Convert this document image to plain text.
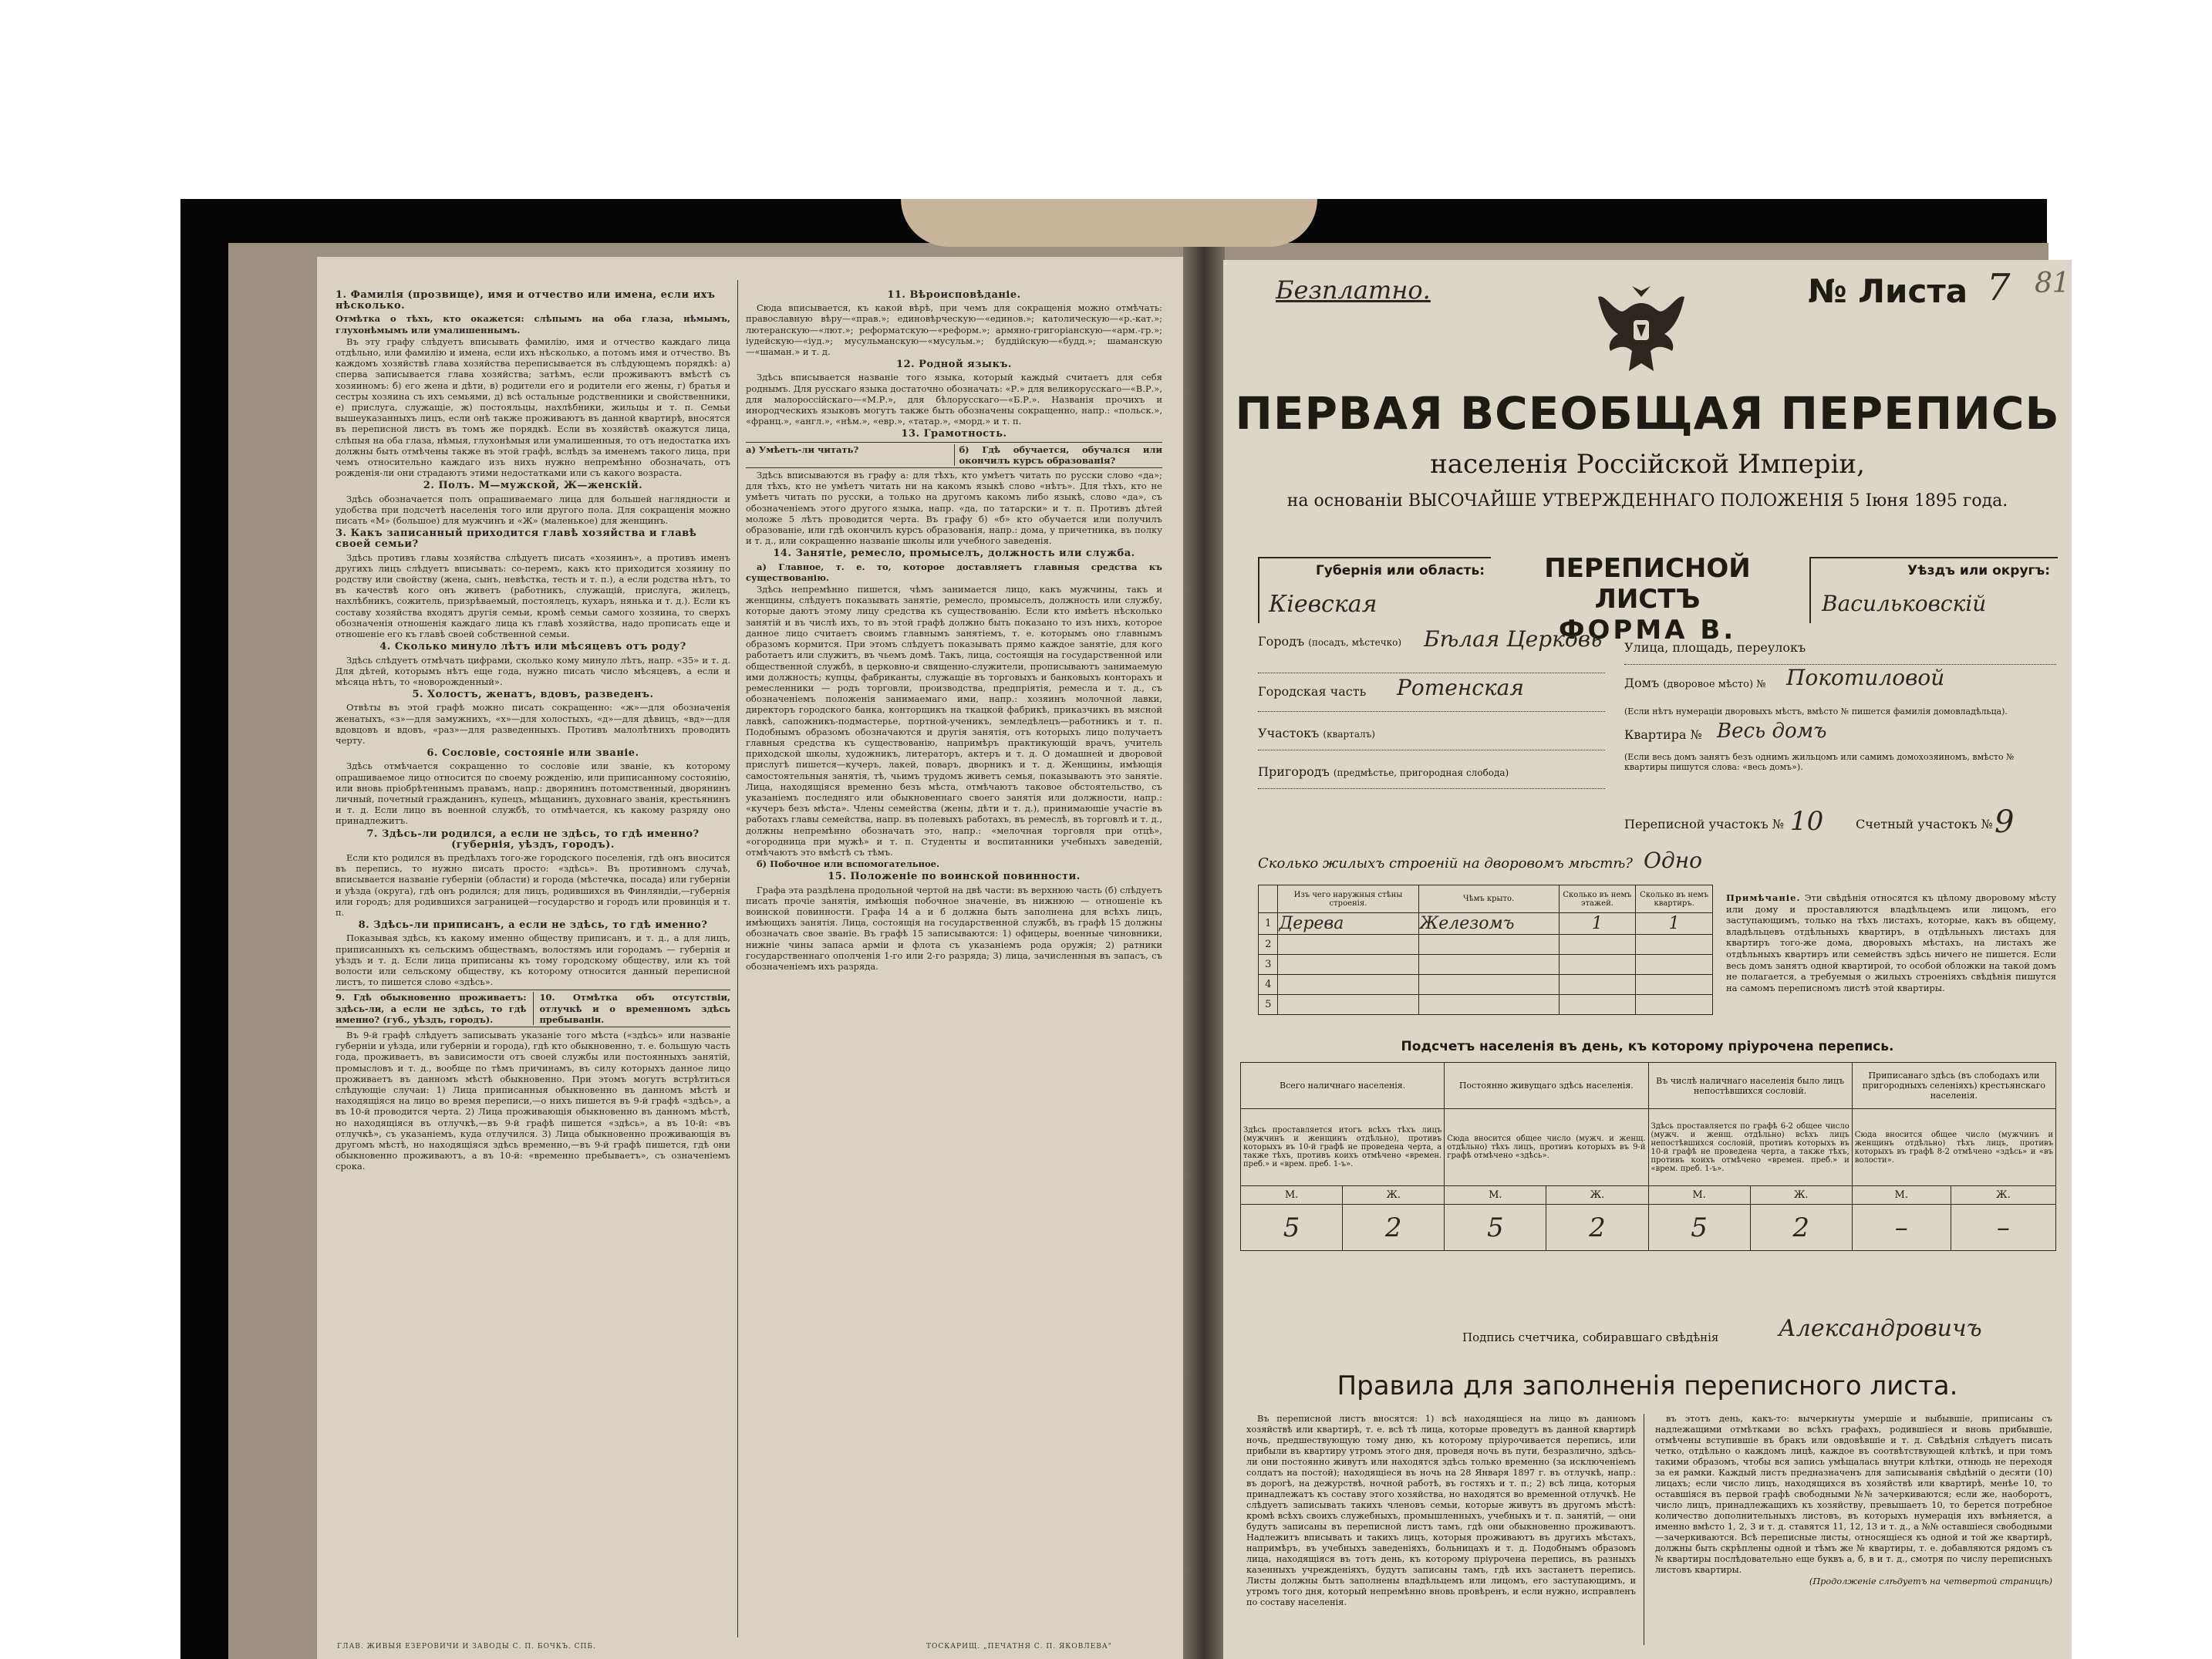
1. Фамилія (прозвище), имя и отчество или имена, если ихъ нѣсколько.

Отмѣтка о тѣхъ, кто окажется: слѣпымъ на оба глаза, нѣмымъ, глухонѣмымъ или умалишеннымъ.

Въ эту графу слѣдуетъ вписывать фамилію, имя и отчество каждаго лица отдѣльно, или фамилію и имена, если ихъ нѣсколько, а потомъ имя и отчество. Въ каждомъ хозяйствѣ глава хозяйства переписывается въ слѣдующемъ порядкѣ: а) сперва записывается глава хозяйства; затѣмъ, если проживаютъ вмѣстѣ съ хозяиномъ: б) его жена и дѣти, в) родители его и родители его жены, г) братья и сестры хозяина съ ихъ семьями, д) всѣ остальные родственники и свойственники, е) прислуга, служащіе, ж) постояльцы, нахлѣбники, жильцы и т. п. Семьи вышеуказанныхъ лицъ, если онѣ также проживаютъ въ данной квартирѣ, вносятся въ переписной листъ въ томъ же порядкѣ. Если въ хозяйствѣ окажутся лица, слѣпыя на оба глаза, нѣмыя, глухонѣмыя или умалишенныя, то отъ недостатка ихъ должны быть отмѣчены также въ этой графѣ, вслѣдъ за именемъ такого лица, при чемъ относительно каждаго изъ нихъ нужно непремѣнно обозначать, отъ рожденія-ли они страдаютъ этими недостатками или съ какого возраста.

2. Полъ. М—мужской, Ж—женскій.

Здѣсь обозначается полъ опрашиваемаго лица для большей наглядности и удобства при подсчетѣ населенія того или другого пола. Для сокращенія можно писать «М» (большое) для мужчинъ и «Ж» (маленькое) для женщинъ.

3. Какъ записанный приходится главѣ хозяйства и главѣ своей семьи?

Здѣсь противъ главы хозяйства слѣдуетъ писать «хозяинъ», а противъ именъ другихъ лицъ слѣдуетъ вписывать: со-перемъ, какъ кто приходится хозяину по родству или свойству (жена, сынъ, невѣстка, тесть и т. п.), а если родства нѣтъ, то въ качествѣ кого онъ живетъ (работникъ, служащій, прислуга, жилецъ, нахлѣбникъ, сожитель, призрѣваемый, постоялецъ, кухаръ, нянька и т. д.). Если къ составу хозяйства входятъ другія семьи, кромѣ семьи самого хозяина, то сверхъ обозначенія отношенія каждаго лица къ главѣ хозяйства, надо прописать еще и отношеніе его къ главѣ своей собственной семьи.

4. Сколько минуло лѣтъ или мѣсяцевъ отъ роду?

Здѣсь слѣдуетъ отмѣчать цифрами, сколько кому минуло лѣтъ, напр. «35» и т. д. Для дѣтей, которымъ нѣтъ еще года, нужно писать число мѣсяцевъ, а если и мѣсяца нѣтъ, то «новорожденный».

5. Холостъ, женатъ, вдовъ, разведенъ.

Отвѣты въ этой графѣ можно писать сокращенно: «ж»—для обозначенія женатыхъ, «з»—для замужнихъ, «х»—для холостыхъ, «д»—для дѣвицъ, «вд»—для вдовцовъ и вдовъ, «раз»—для разведенныхъ. Противъ малолѣтнихъ проводить черту.

6. Сословіе, состояніе или званіе.

Здѣсь отмѣчается сокращенно то сословіе или званіе, къ которому опрашиваемое лицо относится по своему рожденію, или приписанному состоянію, или вновь пріобрѣтеннымъ правамъ, напр.: дворянинъ потомственный, дворянинъ личный, почетный гражданинъ, купецъ, мѣщанинъ, духовнаго званія, крестьянинъ и т. д. Если лицо въ военной службѣ, то отмѣчается, къ какому разряду оно принадлежитъ.

7. Здѣсь-ли родился, а если не здѣсь, то гдѣ именно? (губернія, уѣздъ, городъ).

Если кто родился въ предѣлахъ того-же городского поселенія, гдѣ онъ вносится въ перепись, то нужно писать просто: «здѣсь». Въ противномъ случаѣ, вписывается названіе губерніи (области) и города (мѣстечка, посада) или губерніи и уѣзда (округа), гдѣ онъ родился; для лицъ, родившихся въ Финляндіи,—губернія или городъ; для родившихся заграницей—государство и городъ или провинція и т. п.

8. Здѣсь-ли приписанъ, а если не здѣсь, то гдѣ именно?

Показывая здѣсь, къ какому именно обществу приписанъ, и т. д., а для лицъ, приписанныхъ къ сельскимъ обществамъ, волостямъ или городамъ — губернія и уѣздъ и т. д. Если лица приписаны къ тому городскому обществу, или къ той волости или сельскому обществу, къ которому относится данный переписной листъ, то пишется слово «здѣсь».

9. Гдѣ обыкновенно проживаетъ: здѣсь-ли, а если не здѣсь, то гдѣ именно? (губ., уѣздъ, городъ).
10. Отмѣтка объ отсутствіи, отлучкѣ и о временномъ здѣсь пребываніи.

Въ 9-й графѣ слѣдуетъ записывать указаніе того мѣста («здѣсь» или названіе губерніи и уѣзда, или губерніи и города), гдѣ кто обыкновенно, т. е. большую часть года, проживаетъ, въ зависимости отъ своей службы или постоянныхъ занятій, промысловъ и т. д., вообще по тѣмъ причинамъ, въ силу которыхъ данное лицо проживаетъ въ данномъ мѣстѣ обыкновенно. При этомъ могутъ встрѣтиться слѣдующіе случаи: 1) Лица приписанныя обыкновенно въ данномъ мѣстѣ и находящіяся на лицо во время переписи,—о нихъ пишется въ 9-й графѣ «здѣсь», а въ 10-й проводится черта. 2) Лица проживающія обыкновенно въ данномъ мѣстѣ, но находящіяся въ отлучкѣ,—въ 9-й графѣ пишется «здѣсь», а въ 10-й: «въ отлучкѣ», съ указаніемъ, куда отлучился. 3) Лица обыкновенно проживающія въ другомъ мѣстѣ, но находящіяся здѣсь временно,—въ 9-й графѣ пишется, гдѣ они обыкновенно проживаютъ, а въ 10-й: «временно пребываетъ», съ означеніемъ срока.

11. Вѣроисповѣданіе.

Сюда вписывается, къ какой вѣрѣ, при чемъ для сокращенія можно отмѣчать: православную вѣру—«прав.»; единовѣрческую—«единов.»; католическую—«р.-кат.»; лютеранскую—«лют.»; реформатскую—«реформ.»; армяно-григоріанскую—«арм.-гр.»; іудейскую—«іуд.»; мусульманскую—«мусульм.»; буддійскую—«будд.»; шаманскую—«шаман.» и т. д.

12. Родной языкъ.

Здѣсь вписывается названіе того языка, который каждый считаетъ для себя роднымъ. Для русскаго языка достаточно обозначать: «Р.» для великорусскаго—«В.Р.», для малороссійскаго—«М.Р.», для бѣлорусскаго—«Б.Р.». Названія прочихъ и инородческихъ языковъ могутъ также быть обозначены сокращенно, напр.: «польск.», «франц.», «англ.», «нѣм.», «евр.», «татар.», «морд.» и т. п.

13. Грамотность.
а) Умѣетъ-ли читать?	б) Гдѣ обучается, обучался или окончилъ курсъ образованія?

Здѣсь вписываются въ графу а: для тѣхъ, кто умѣетъ читать по русски слово «да»; для тѣхъ, кто не умѣетъ читать ни на какомъ языкѣ слово «нѣтъ». Для тѣхъ, кто не умѣетъ читать по русски, а только на другомъ какомъ либо языкѣ, слово «да», съ обозначеніемъ этого другого языка, напр. «да, по татарски» и т. п. Противъ дѣтей моложе 5 лѣтъ проводится черта. Въ графу б) «б» кто обучается или получилъ образованіе, или гдѣ окончилъ курсъ образованія, напр.: дома, у причетника, въ полку и т. д., или сокращенно названіе школы или учебного заведенія.

14. Занятіе, ремесло, промыселъ, должность или служба.

а) Главное, т. е. то, которое доставляетъ главныя средства къ существованію.

Здѣсь непремѣнно пишется, чѣмъ занимается лицо, какъ мужчины, такъ и женщины, слѣдуетъ показывать занятіе, ремесло, промыселъ, должность или службу, которые даютъ этому лицу средства къ существованію. Если кто имѣетъ нѣсколько занятій и въ числѣ ихъ, то въ этой графѣ должно быть показано то изъ нихъ, которое данное лицо считаетъ своимъ главнымъ занятіемъ, т. е. которымъ оно главнымъ образомъ кормится. При этомъ слѣдуетъ показывать прямо каждое занятіе, для кого работаетъ или служитъ, въ чьемъ домѣ. Такъ, лица, состоящія на государственной или общественной службѣ, в церковно-и священно-служители, прописываютъ занимаемую ими должность; купцы, фабриканты, служащіе въ торговыхъ и банковыхъ конторахъ и ремесленники — родъ торговли, производства, предпріятія, ремесла и т. д., съ обозначеніемъ положенія занимаемаго ими, напр.: хозяинъ молочной лавки, директоръ городского банка, конторщикъ на ткацкой фабрикѣ, приказчикъ въ мясной лавкѣ, сапожникъ-подмастерье, портной-ученикъ, земледѣлецъ—работникъ и т. п. Подобнымъ образомъ обозначаются и другія занятія, отъ которыхъ лицо получаетъ главныя средства къ существованію, напримѣръ практикующій врачъ, учитель приходской школы, художникъ, литераторъ, актеръ и т. д. О домашней и дворовой прислугѣ пишется—кучеръ, лакей, поваръ, дворникъ и т. д. Женщины, имѣющія самостоятельныя занятія, тѣ, чьимъ трудомъ живетъ семья, показываютъ это занятіе. Лица, находящіяся временно безъ мѣста, отмѣчаютъ таковое обстоятельство, съ указаніемъ последняго или обыкновеннаго своего занятія или должности, напр.: «кучеръ безъ мѣста». Члены семейства (жены, дѣти и т. д.), принимающіе участіе въ работахъ главы семейства, напр. въ полевыхъ работахъ, въ ремеслѣ, въ торговлѣ и т. д., должны непремѣнно обозначать это, напр.: «мелочная торговля при отцѣ», «огородница при мужѣ» и т. п. Студенты и воспитанники учебныхъ заведеній, отмѣчаютъ это вмѣстѣ съ тѣмъ.

б) Побочное или вспомогательное.

15. Положеніе по воинской повинности.

Графа эта раздѣлена продольной чертой на двѣ части: въ верхнюю часть (б) слѣдуетъ писать прочіе занятія, имѣющія побочное значеніе, въ нижнюю — отношеніе къ воинской повинности. Графа 14 а и б должна быть заполнена для всѣхъ лицъ, имѣющихъ занятія. Лица, состоящія на государственной службѣ, въ графѣ 15 должны обозначать свое званіе. Въ графѣ 15 записываются: 1) офицеры, военные чиновники, нижніе чины запаса арміи и флота съ указаніемъ рода оружія; 2) ратники государственнаго ополченія 1-го или 2-го разряда; 3) лица, зачисленныя въ запасъ, съ обозначеніемъ ихъ разряда.

ГЛАВ. ЖИВЫЯ ЕЗЕРОВИЧИ И ЗАВОДЫ С. П. БОЧКЪ. СПБ.	ТОСКАРИЩ. „ПЕЧАТНЯ С. П. ЯКОВЛЕВА"
Безплатно.	№ Листа 7 81
ПЕРВАЯ ВСЕОБЩАЯ ПЕРЕПИСЬ
населенія Россійской Имперіи,
на основаніи ВЫСОЧАЙШЕ УТВЕРЖДЕННАГО ПОЛОЖЕНІЯ 5 Іюня 1895 года.
Губернія или область:
Кіевская
ПЕРЕПИСНОЙ ЛИСТЪ
ФОРМА В.
Уѣздъ или округъ:
Васильковскій
Городъ (посадъ, мѣстечко) Бѣлая Церковь
Городская часть Ротенская
Участокъ (кварталъ)
Пригородъ (предмѣстье, пригородная слобода)
Улица, площадь, переулокъ
Домъ (дворовое мѣсто) № Покотиловой
(Если нѣтъ нумераціи дворовыхъ мѣстъ, вмѣсто № пишется фамилія домовладѣльца).
Квартира № Весь домъ
(Если весь домъ занятъ безъ однимъ жильцомъ или самимъ домохозяиномъ, вмѣсто № квартиры пишутся слова: «весь домъ»).
Переписной участокъ № 10	Счетный участокъ № 9
Сколько жилыхъ строеній на дворовомъ мѣстѣ? Одно
	Изъ чего наружныя стѣны строенія.	Чѣмъ крыто.	Сколько въ немъ этажей.	Сколько въ немъ квартиръ.
1	Дерева	Железомъ	1	1
2				
3				
4				
5				
Примѣчаніе. Эти свѣдѣнія относятся къ цѣлому дворовому мѣсту или дому и проставляются владѣльцемъ или лицомъ, его заступающимъ, только на тѣхъ листахъ, которые, какъ въ общему, владѣльцевъ отдѣльныхъ квартиръ, в отдѣльныхъ листахъ для квартиръ того-же дома, дворовыхъ мѣстахъ, на листахъ же отдѣльныхъ квартиръ или семействъ здѣсь ничего не пишется. Если весь домъ занятъ одной квартирой, то особой обложки на такой домъ не полагается, а требуемыя о жилыхъ строеніяхъ свѣдѣнія пишутся на самомъ переписномъ листѣ этой квартиры.
Подсчетъ населенія въ день, къ которому пріурочена перепись.
Всего наличнаго населенія.		Постоянно живущаго здѣсь населенія.		Въ числѣ наличнаго населенія было лицъ непостѣвшихся сословій.		Приписанаго здѣсь (въ слободахъ или пригородныхъ селеніяхъ) крестьянскаго населенія.	
Здѣсь проставляется итогъ всѣхъ тѣхъ лицъ (мужчинъ и женщинъ отдѣльно), противъ которыхъ въ 10-й графѣ не проведена черта, а также тѣхъ, противъ коихъ отмѣчено «времен. преб.» и «врем. преб. 1-ъ».		Сюда вносится общее число (мужч. и женщ. отдѣльно) тѣхъ лицъ, противъ которыхъ въ 9-й графѣ отмѣчено «здѣсь».		Здѣсь проставляется по графѣ 6-2 общее число (мужч. и женщ. отдѣльно) всѣхъ лицъ непостѣвшихся сословій, противъ которыхъ въ 10-й графѣ не проведена черта, а также тѣхъ, противъ коихъ отмѣчено «времен. преб.» и «врем. преб. 1-ъ».		Сюда вносится общее число (мужчинъ и женщинъ отдѣльно) тѣхъ лицъ, противъ которыхъ въ графѣ 8-2 отмѣчено «здѣсь» и «въ волости».	
М.	Ж.	М.	Ж.	М.	Ж.	М.	Ж.
5	2	5	2	5	2	–	–
Подпись счетчика, собиравшаго свѣдѣнія	Александровичъ
Правила для заполненія переписного листа.

Въ переписной листъ вносятся: 1) всѣ находящіеся на лицо въ данномъ хозяйствѣ или квартирѣ, т. е. всѣ тѣ лица, которые проведутъ въ данной квартирѣ ночь, предшествующую тому дню, къ которому пріурочивается перепись, или прибыли въ квартиру утромъ этого дня, проведя ночь въ пути, безразлично, здѣсь-ли они постоянно живутъ или находятся здѣсь только временно (за исключеніемъ солдатъ на постой); находящіеся въ ночь на 28 Января 1897 г. въ отлучкѣ, напр.: въ дорогѣ, на дежурствѣ, ночной работѣ, въ гостяхъ и т. п.; 2) всѣ лица, которыя принадлежатъ къ составу этого хозяйства, но находятся во временной отлучкѣ. Не слѣдуетъ записывать такихъ членовъ семьи, которые живутъ въ другомъ мѣстѣ: кромѣ всѣхъ своихъ служебныхъ, промышленныхъ, учебныхъ и т. п. занятій, — они будутъ записаны въ переписной листъ тамъ, гдѣ они обыкновенно проживаютъ. Надлежитъ вписывать и такихъ лицъ, которыя проживаютъ въ другихъ мѣстахъ, напримѣръ, въ учебныхъ заведеніяхъ, больницахъ и т. д. Подобнымъ образомъ лица, находящіяся въ тотъ день, къ которому пріурочена перепись, въ разныхъ казенныхъ учрежденіяхъ, будутъ записаны тамъ, гдѣ ихъ застанетъ перепись. Листы должны быть заполнены владѣльцемъ или лицомъ, его заступающимъ, и утромъ того дня, который непремѣнно вновь провѣренъ, и если нужно, исправленъ по составу населенія.

въ этотъ день, какъ-то: вычеркнуты умершіе и выбывшіе, приписаны съ надлежащими отмѣтками во всѣхъ графахъ, родившіеся и вновь прибывшіе, отмѣчены вступившіе въ бракъ или овдовѣвшіе и т. д. Свѣдѣнія слѣдуетъ писать четко, отдѣльно о каждомъ лицѣ, каждое въ соотвѣтствующей клѣткѣ, и при томъ такими образомъ, чтобы вся запись умѣщалась внутри клѣтки, отнюдь не переходя за ея рамки. Каждый листъ предназначенъ для записыванія свѣдѣній о десяти (10) лицахъ; если число лицъ, находящихся въ хозяйствѣ или квартирѣ, менѣе 10, то оставшіяся въ первой графѣ свободными №№ зачеркиваются; если же, наоборотъ, число лицъ, принадлежащихъ къ хозяйству, превышаетъ 10, то берется потребное количество дополнительныхъ листовъ, въ которыхъ нумерація ихъ вмѣняется, а именно вмѣсто 1, 2, 3 и т. д. ставятся 11, 12, 13 и т. д., а №№ оставшіеся свободными—зачеркиваются. Всѣ переписные листы, относящіеся къ одной и той же квартирѣ, должны быть скрѣплены одной и тѣмъ же № квартиры, т. е. добавляются рядомъ съ № квартиры послѣдовательно еще буквъ а, б, в и т. д., смотря по числу переписныхъ листовъ квартиры.

(Продолженіе слѣдуетъ на четвертой страницѣ)
